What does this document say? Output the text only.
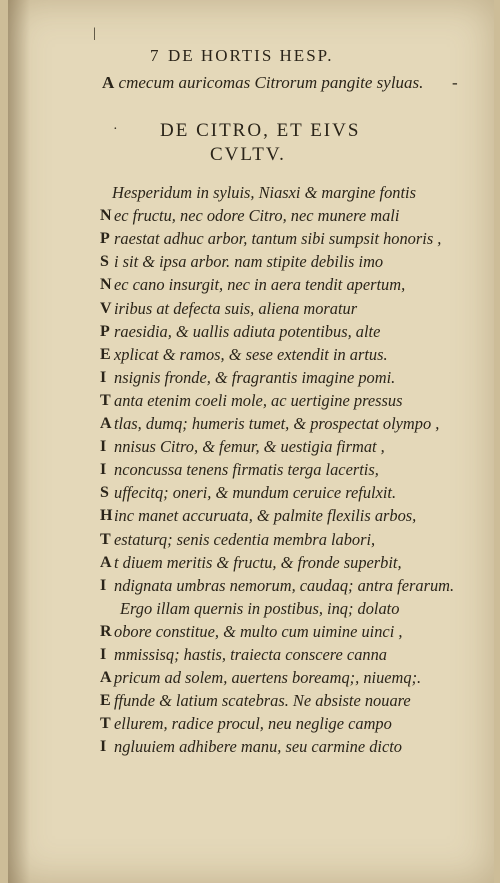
|
7 DE HORTIS HESP.
A cmecum auricomas Citrorum pangite syluas. -
· DE CITRO, ET EIVS
CVLTV.
Hesperidum in syluis, Niasxi & margine fontis
N ec fructu, nec odore Citro, nec munere mali
P raestat adhuc arbor, tantum sibi sumpsit honoris ,
S i sit & ipsa arbor. nam stipite debilis imo
N ec cano insurgit, nec in aera tendit apertum,
V iribus at defecta suis, aliena moratur
P raesidia, & uallis adiuta potentibus, alte
E xplicat & ramos, & sese extendit in artus.
I nsignis fronde, & fragrantis imagine pomi.
T anta etenim coeli mole, ac uertigine pressus
A tlas, dumq; humeris tumet, & prospectat olympo ,
I nnisus Citro, & femur, & uestigia firmat ,
I nconcussa tenens firmatis terga lacertis,
S uffecitq; oneri, & mundum ceruice refulxit.
H inc manet accuruata, & palmite flexilis arbos,
T estaturq; senis cedentia membra labori,
A t diuem meritis & fructu, & fronde superbit,
I ndignata umbras nemorum, caudaq; antra ferarum.
Ergo illam quernis in postibus, inq; dolato
R obore constitue, & multo cum uimine uinci ,
I mmissisq; hastis, traiecta conscere canna
A pricum ad solem, auertens boreamq;, niuemq;.
E ffunde & latium scatebras. Ne absiste nouare
T ellurem, radice procul, neu neglige campo
I ngluuiem adhibere manu, seu carmine dicto
